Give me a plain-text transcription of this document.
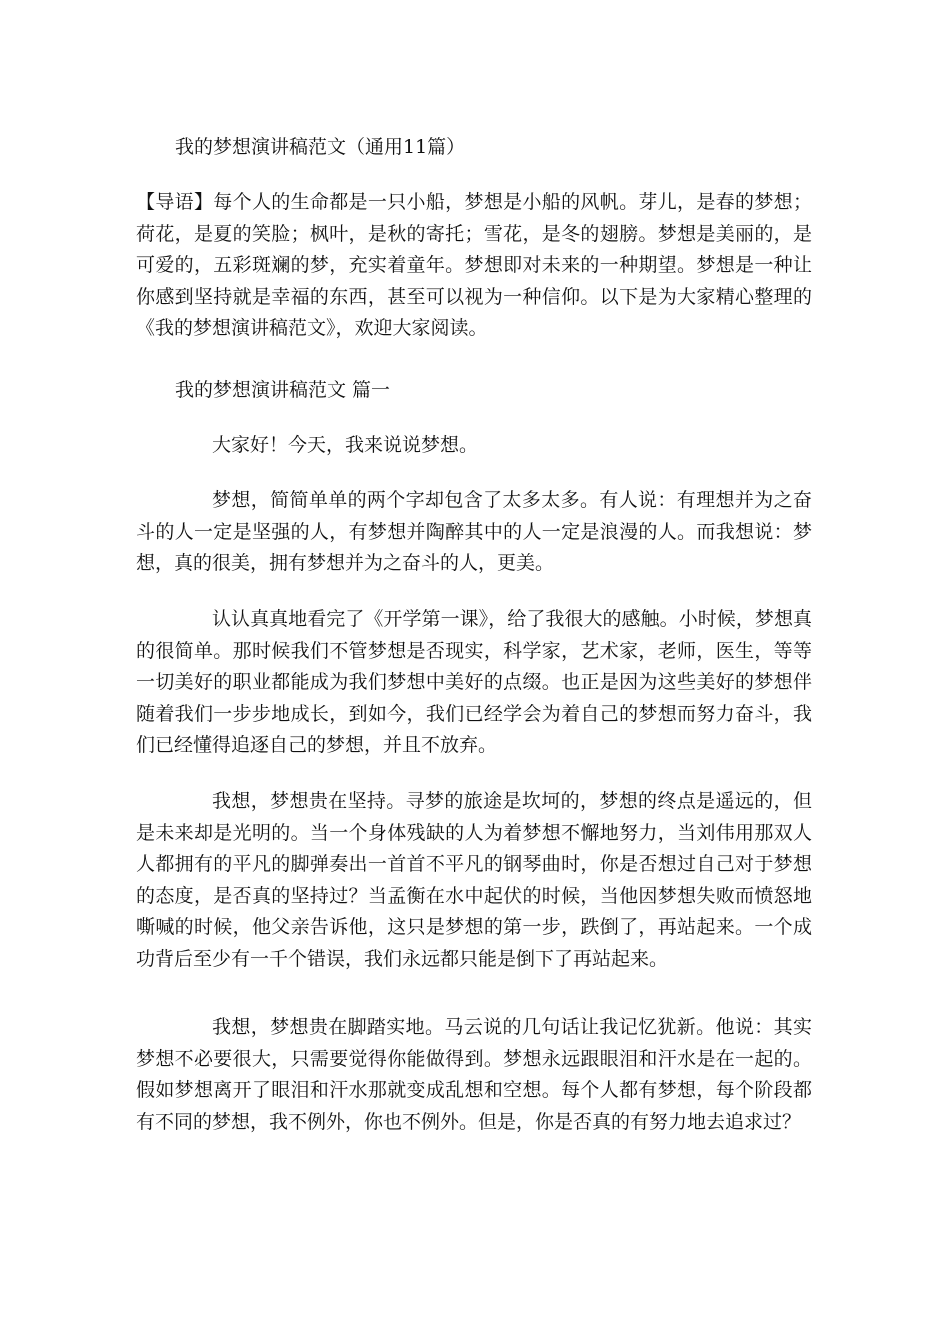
我的梦想演讲稿范文（通用11篇）

【导语】每个人的生命都是一只小船，梦想是小船的风帆。芽儿，是春的梦想；荷花，是夏的笑脸；枫叶，是秋的寄托；雪花，是冬的翅膀。梦想是美丽的，是可爱的，五彩斑斓的梦，充实着童年。梦想即对未来的一种期望。梦想是一种让你感到坚持就是幸福的东西，甚至可以视为一种信仰。以下是为大家精心整理的《我的梦想演讲稿范文》，欢迎大家阅读。

我的梦想演讲稿范文 篇一

大家好！今天，我来说说梦想。

梦想，简简单单的两个字却包含了太多太多。有人说：有理想并为之奋斗的人一定是坚强的人，有梦想并陶醉其中的人一定是浪漫的人。而我想说：梦想，真的很美，拥有梦想并为之奋斗的人，更美。

认认真真地看完了《开学第一课》，给了我很大的感触。小时候，梦想真的很简单。那时候我们不管梦想是否现实，科学家，艺术家，老师，医生，等等一切美好的职业都能成为我们梦想中美好的点缀。也正是因为这些美好的梦想伴随着我们一步步地成长，到如今，我们已经学会为着自己的梦想而努力奋斗，我们已经懂得追逐自己的梦想，并且不放弃。

我想，梦想贵在坚持。寻梦的旅途是坎坷的，梦想的终点是遥远的，但是未来却是光明的。当一个身体残缺的人为着梦想不懈地努力，当刘伟用那双人人都拥有的平凡的脚弹奏出一首首不平凡的钢琴曲时，你是否想过自己对于梦想的态度，是否真的坚持过？当孟衡在水中起伏的时候，当他因梦想失败而愤怒地嘶喊的时候，他父亲告诉他，这只是梦想的第一步，跌倒了，再站起来。一个成功背后至少有一千个错误，我们永远都只能是倒下了再站起来。

我想，梦想贵在脚踏实地。马云说的几句话让我记忆犹新。他说：其实梦想不必要很大，只需要觉得你能做得到。梦想永远跟眼泪和汗水是在一起的。假如梦想离开了眼泪和汗水那就变成乱想和空想。每个人都有梦想，每个阶段都有不同的梦想，我不例外，你也不例外。但是，你是否真的有努力地去追求过？
